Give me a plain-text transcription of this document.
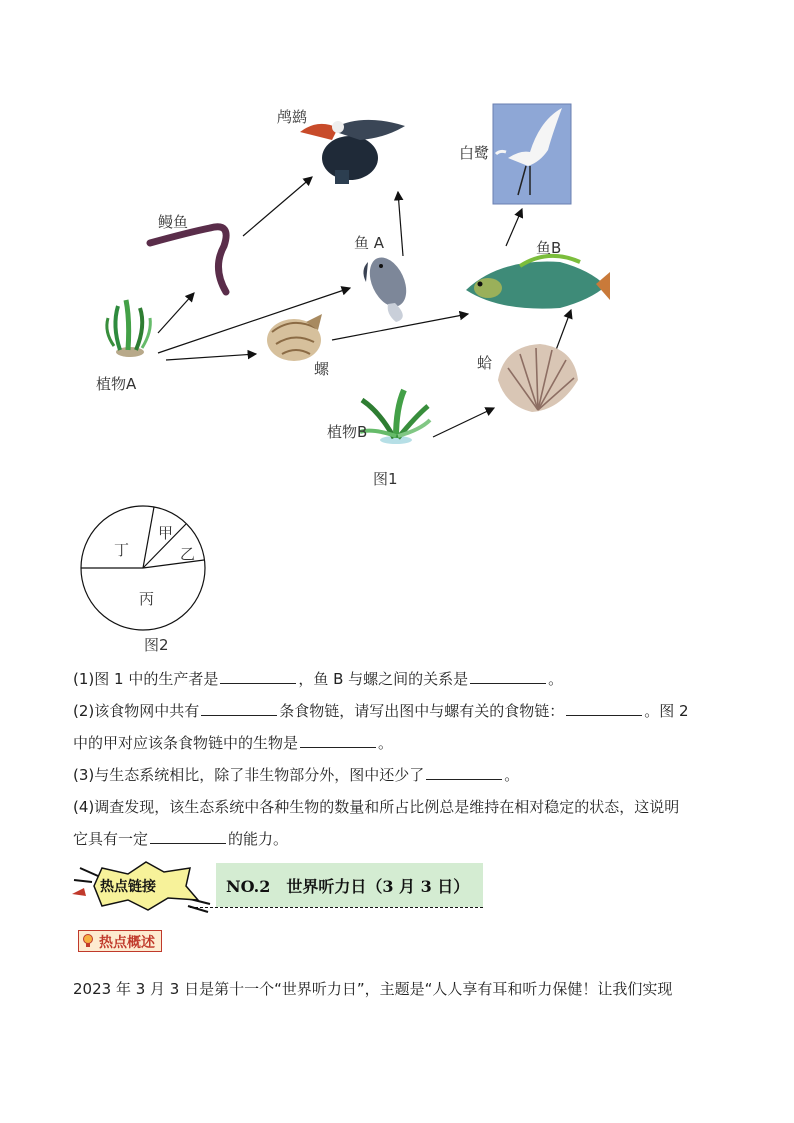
鸬鹚
白鹭
鳗鱼
鱼 A	鱼B
植物A
螺	蛤
植物B
图1
丁
甲
乙
丙
图2
(1)图 1 中的生产者是	，鱼 B 与螺之间的关系是	。
(2)该食物网中共有	条食物链，请写出图中与螺有关的食物链：	。图 2
中的甲对应该条食物链中的生物是	。
(3)与生态系统相比，除了非生物部分外，图中还少了	。
(4)调查发现，该生态系统中各种生物的数量和所占比例总是维持在相对稳定的状态，这说明
它具有一定	的能力。
热点链接	NO.2　世界听力日（3 月 3 日）
热点概述
2023 年 3 月 3 日是第十一个“世界听力日”，主题是“人人享有耳和听力保健！让我们实现
